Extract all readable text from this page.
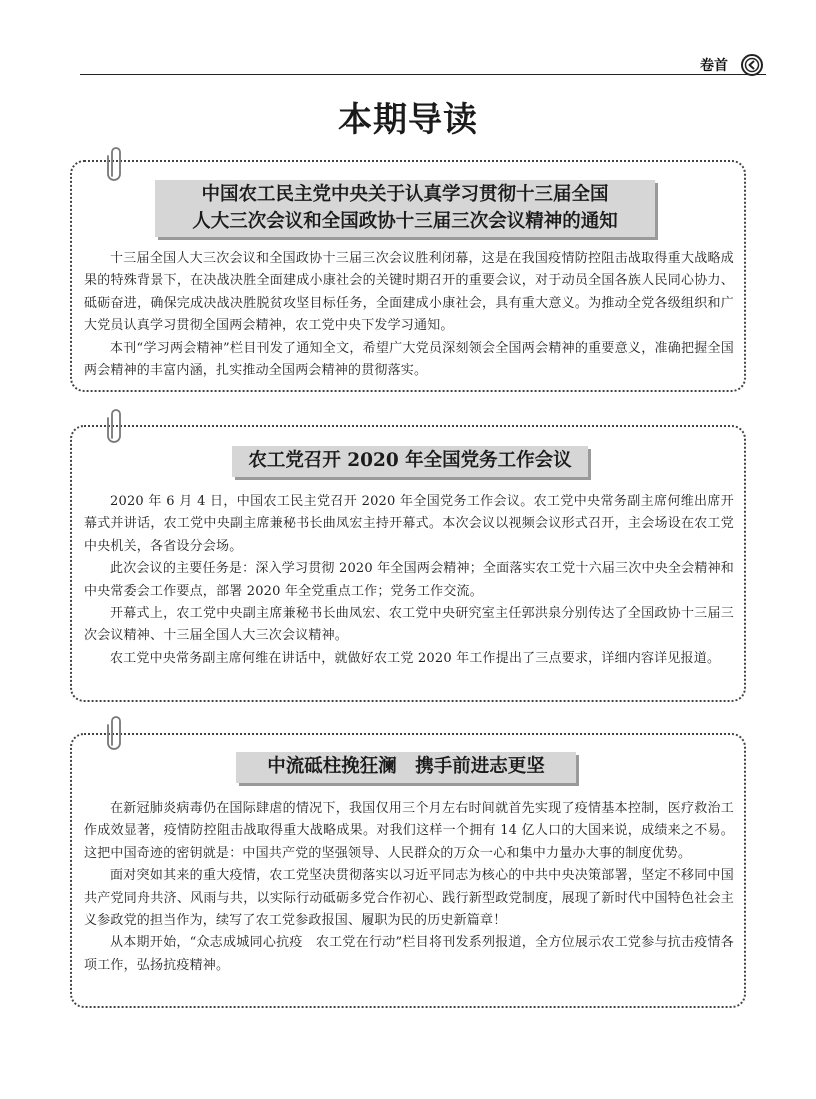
卷首
本期导读
中国农工民主党中央关于认真学习贯彻十三届全国
人大三次会议和全国政协十三届三次会议精神的通知

十三届全国人大三次会议和全国政协十三届三次会议胜利闭幕，这是在我国疫情防控阻击战取得重大战略成果的特殊背景下，在决战决胜全面建成小康社会的关键时期召开的重要会议，对于动员全国各族人民同心协力、砥砺奋进，确保完成决战决胜脱贫攻坚目标任务，全面建成小康社会，具有重大意义。为推动全党各级组织和广大党员认真学习贯彻全国两会精神，农工党中央下发学习通知。

本刊“学习两会精神”栏目刊发了通知全文，希望广大党员深刻领会全国两会精神的重要意义，准确把握全国两会精神的丰富内涵，扎实推动全国两会精神的贯彻落实。

农工党召开 2020 年全国党务工作会议

2020 年 6 月 4 日，中国农工民主党召开 2020 年全国党务工作会议。农工党中央常务副主席何维出席开幕式并讲话，农工党中央副主席兼秘书长曲凤宏主持开幕式。本次会议以视频会议形式召开，主会场设在农工党中央机关，各省设分会场。

此次会议的主要任务是：深入学习贯彻 2020 年全国两会精神；全面落实农工党十六届三次中央全会精神和中央常委会工作要点，部署 2020 年全党重点工作；党务工作交流。

开幕式上，农工党中央副主席兼秘书长曲凤宏、农工党中央研究室主任郭洪泉分别传达了全国政协十三届三次会议精神、十三届全国人大三次会议精神。

农工党中央常务副主席何维在讲话中，就做好农工党 2020 年工作提出了三点要求，详细内容详见报道。

中流砥柱挽狂澜　携手前进志更坚

在新冠肺炎病毒仍在国际肆虐的情况下，我国仅用三个月左右时间就首先实现了疫情基本控制，医疗救治工作成效显著，疫情防控阻击战取得重大战略成果。对我们这样一个拥有 14 亿人口的大国来说，成绩来之不易。这把中国奇迹的密钥就是：中国共产党的坚强领导、人民群众的万众一心和集中力量办大事的制度优势。

面对突如其来的重大疫情，农工党坚决贯彻落实以习近平同志为核心的中共中央决策部署，坚定不移同中国共产党同舟共济、风雨与共，以实际行动砥砺多党合作初心、践行新型政党制度，展现了新时代中国特色社会主义参政党的担当作为，续写了农工党参政报国、履职为民的历史新篇章！

从本期开始，“众志成城同心抗疫　农工党在行动”栏目将刊发系列报道，全方位展示农工党参与抗击疫情各项工作，弘扬抗疫精神。
